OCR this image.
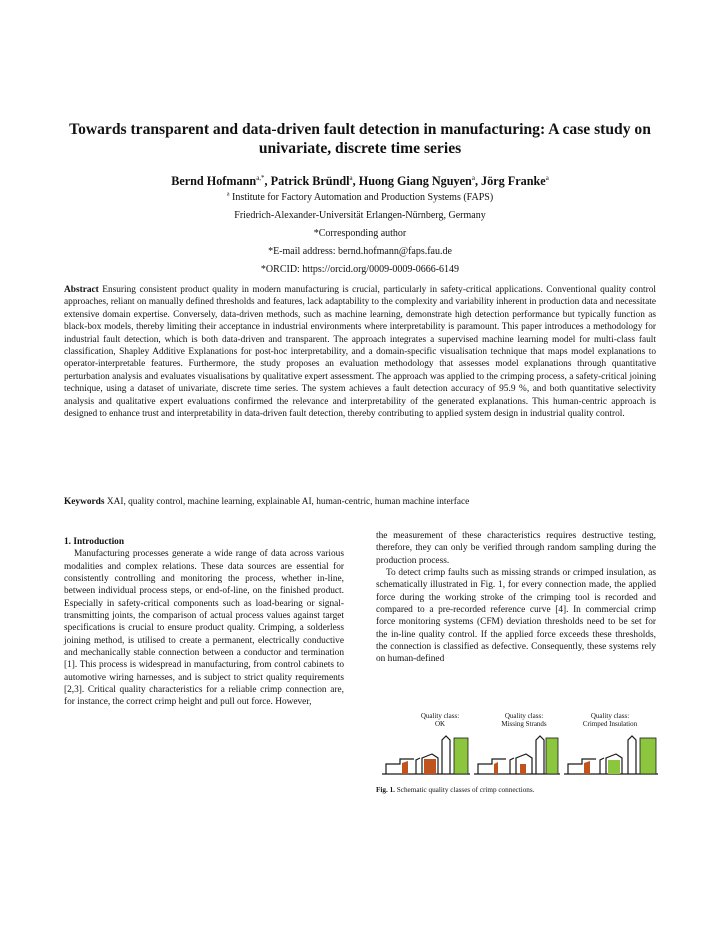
Towards transparent and data-driven fault detection in manufacturing: A case study on univariate, discrete time series
Bernd Hofmann$^{a,*}$, Patrick Bründl$^a$, Huong Giang Nguyen$^a$, Jörg Franke$^a$
$^a$ Institute for Factory Automation and Production Systems (FAPS)
Friedrich-Alexander-Universität Erlangen-Nürnberg, Germany
*Corresponding author
*E-mail address: bernd.hofmann@faps.fau.de
*ORCID: https://orcid.org/0009-0009-0666-6149
Abstract Ensuring consistent product quality in modern manufacturing is crucial, particularly in safety-critical applications. Conventional quality control approaches, reliant on manually defined thresholds and features, lack adaptability to the complexity and variability inherent in production data and necessitate extensive domain expertise. Conversely, data-driven methods, such as machine learning, demonstrate high detection performance but typically function as black-box models, thereby limiting their acceptance in industrial environments where interpretability is paramount. This paper introduces a methodology for industrial fault detection, which is both data-driven and transparent. The approach integrates a supervised machine learning model for multi-class fault classification, Shapley Additive Explanations for post-hoc interpretability, and a domain-specific visualisation technique that maps model explanations to operator-interpretable features. Furthermore, the study proposes an evaluation methodology that assesses model explanations through quantitative perturbation analysis and evaluates visualisations by qualitative expert assessment. The approach was applied to the crimping process, a safety-critical joining technique, using a dataset of univariate, discrete time series. The system achieves a fault detection accuracy of 95.9 %, and both quantitative selectivity analysis and qualitative expert evaluations confirmed the relevance and interpretability of the generated explanations. This human-centric approach is designed to enhance trust and interpretability in data-driven fault detection, thereby contributing to applied system design in industrial quality control.
Keywords XAI, quality control, machine learning, explainable AI, human-centric, human machine interface

1. Introduction

Manufacturing processes generate a wide range of data across various modalities and complex relations. These data sources are essential for consistently controlling and monitoring the process, whether in-line, between individual process steps, or end-of-line, on the finished product. Especially in safety-critical components such as load-bearing or signal-transmitting joints, the comparison of actual process values against target specifications is crucial to ensure product quality. Crimping, a solderless joining method, is utilised to create a permanent, electrically conductive and mechanically stable connection between a conductor and termination [1]. This process is widespread in manufacturing, from control cabinets to automotive wiring harnesses, and is subject to strict quality requirements [2,3]. Critical quality characteristics for a reliable crimp connection are, for instance, the correct crimp height and pull out force. However,

the measurement of these characteristics requires destructive testing, therefore, they can only be verified through random sampling during the production process.

To detect crimp faults such as missing strands or crimped insulation, as schematically illustrated in Fig. 1, for every connection made, the applied force during the working stroke of the crimping tool is recorded and compared to a pre-recorded reference curve [4]. In commercial crimp force monitoring systems (CFM) deviation thresholds need to be set for the in-line quality control. If the applied force exceeds these thresholds, the connection is classified as defective. Consequently, these systems rely on human-defined

Quality class:
OK
Quality class:
Missing Strands
Quality class:
Crimped Insulation
Fig. 1. Schematic quality classes of crimp connections.
